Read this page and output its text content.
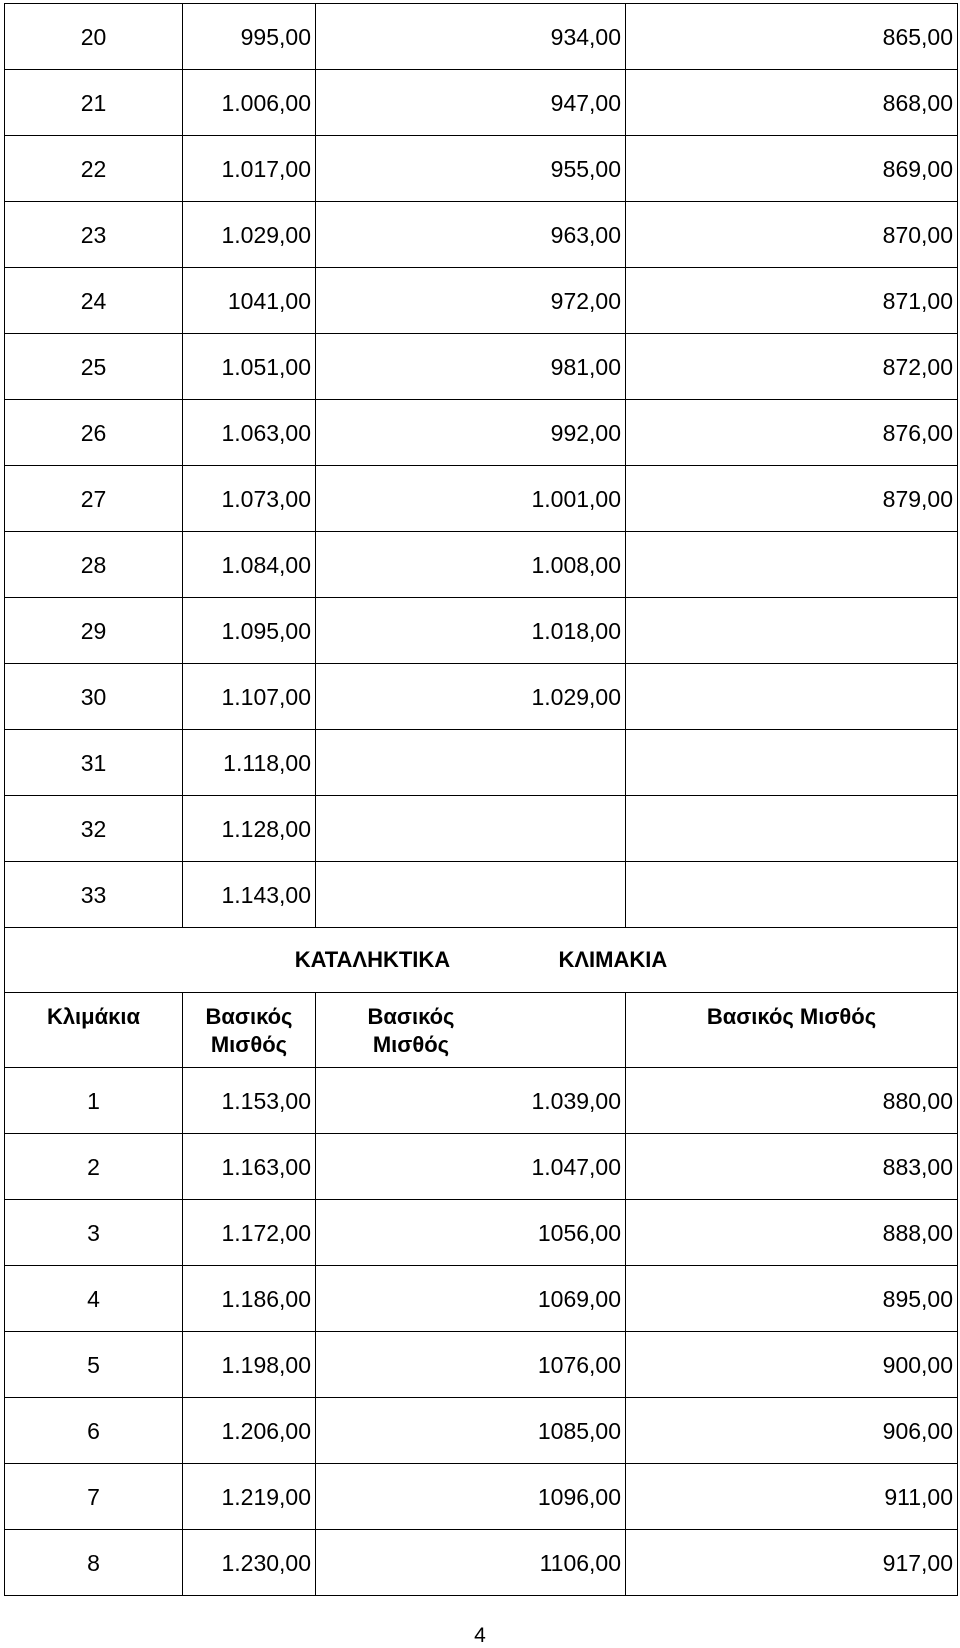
20	995,00	934,00	865,00
21	1.006,00	947,00	868,00
22	1.017,00	955,00	869,00
23	1.029,00	963,00	870,00
24	1041,00	972,00	871,00
25	1.051,00	981,00	872,00
26	1.063,00	992,00	876,00
27	1.073,00	1.001,00	879,00
28	1.084,00	1.008,00	
29	1.095,00	1.018,00	
30	1.107,00	1.029,00	
31	1.118,00		
32	1.128,00		
33	1.143,00		
ΚΑΤΑΛΗΚΤΙΚΑ ΚΛΙΜΑΚΙΑ			
Κλιμάκια	Βασικός Μισθός	Βασικός Μισθός	Βασικός Μισθός
1	1.153,00	1.039,00	880,00
2	1.163,00	1.047,00	883,00
3	1.172,00	1056,00	888,00
4	1.186,00	1069,00	895,00
5	1.198,00	1076,00	900,00
6	1.206,00	1085,00	906,00
7	1.219,00	1096,00	911,00
8	1.230,00	1106,00	917,00
4
